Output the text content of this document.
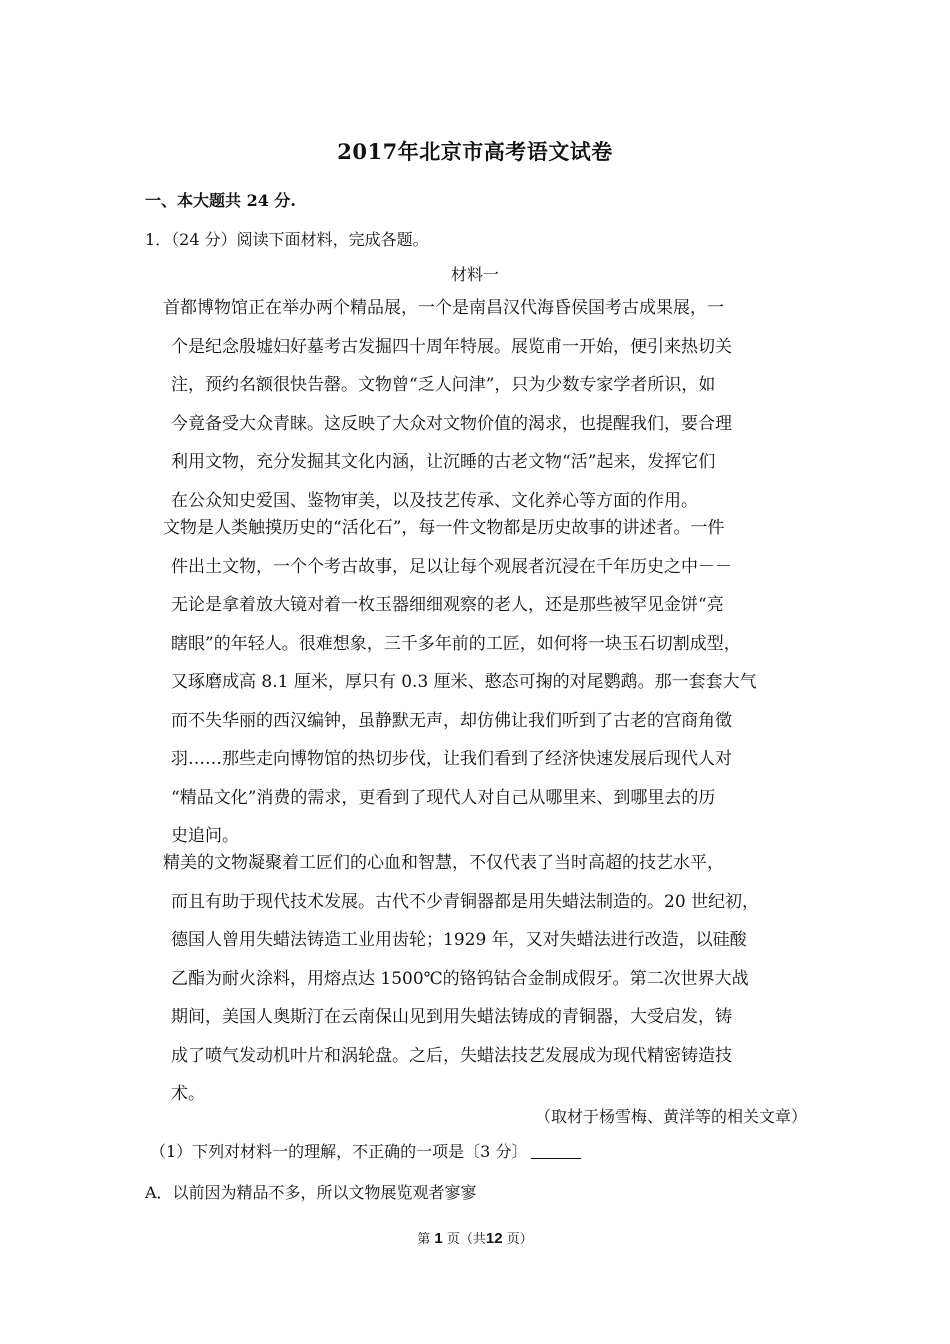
2017年北京市高考语文试卷
一、本大题共 24 分.
1．（24 分）阅读下面材料，完成各题。
材料一
首都博物馆正在举办两个精品展，一个是南昌汉代海昏侯国考古成果展，一
个是纪念殷墟妇好墓考古发掘四十周年特展。展览甫一开始，便引来热切关
注，预约名额很快告罄。文物曾“乏人问津”，只为少数专家学者所识，如
今竟备受大众青睐。这反映了大众对文物价值的渴求，也提醒我们，要合理
利用文物，充分发掘其文化内涵，让沉睡的古老文物“活”起来，发挥它们
在公众知史爱国、鉴物审美，以及技艺传承、文化养心等方面的作用。
文物是人类触摸历史的“活化石”，每一件文物都是历史故事的讲述者。一件
件出土文物，一个个考古故事，足以让每个观展者沉浸在千年历史之中－－
无论是拿着放大镜对着一枚玉器细细观察的老人，还是那些被罕见金饼“亮
瞎眼”的年轻人。很难想象，三千多年前的工匠，如何将一块玉石切割成型，
又琢磨成高 8.1 厘米，厚只有 0.3 厘米、憨态可掬的对尾鹦鹉。那一套套大气
而不失华丽的西汉编钟，虽静默无声，却仿佛让我们听到了古老的宫商角徵
羽……那些走向博物馆的热切步伐，让我们看到了经济快速发展后现代人对
“精品文化”消费的需求，更看到了现代人对自己从哪里来、到哪里去的历
史追问。
精美的文物凝聚着工匠们的心血和智慧，不仅代表了当时高超的技艺水平，
而且有助于现代技术发展。古代不少青铜器都是用失蜡法制造的。20 世纪初，
德国人曾用失蜡法铸造工业用齿轮；1929 年，又对失蜡法进行改造，以硅酸
乙酯为耐火涂料，用熔点达 1500℃的铬钨钴合金制成假牙。第二次世界大战
期间，美国人奥斯汀在云南保山见到用失蜡法铸成的青铜器，大受启发，铸
成了喷气发动机叶片和涡轮盘。之后，失蜡法技艺发展成为现代精密铸造技
术。
（取材于杨雪梅、黄洋等的相关文章）
（1）下列对材料一的理解，不正确的一项是〔3 分〕
A．以前因为精品不多，所以文物展览观者寥寥
第 1 页（共12 页）
